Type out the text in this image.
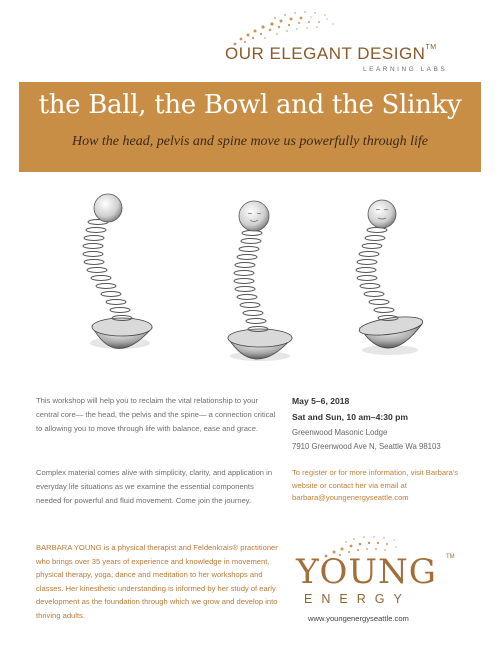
OUR ELEGANT DESIGN™
LEARNING LABS
the Ball, the Bowl and the Slinky
How the head, pelvis and spine move us powerfully through life
This workshop will help you to reclaim the vital relationship to your central core— the head, the pelvis and the spine— a connection critical to allowing you to move through life with balance, ease and grace.
Complex material comes alive with simplicity, clarity, and application in everyday life situations as we examine the essential components needed for powerful and fluid movement. Come join the journey.
BARBARA YOUNG is a physical therapist and Feldenkrais® practitioner who brings over 35 years of experience and knowledge in movement, physical therapy, yoga, dance and meditation to her workshops and classes. Her kinesthetic understanding is informed by her study of early development as the foundation through which we grow and develop into thriving adults.
May 5–6, 2018
Sat and Sun, 10 am–4:30 pm
Greenwood Masonic Lodge
7910 Greenwood Ave N, Seattle Wa 98103
To register or for more information, visit Barbara's website or contact her via email at barbara@youngenergyseattle.com
YOUNG TM
ENERGY
www.youngenergyseattle.com
